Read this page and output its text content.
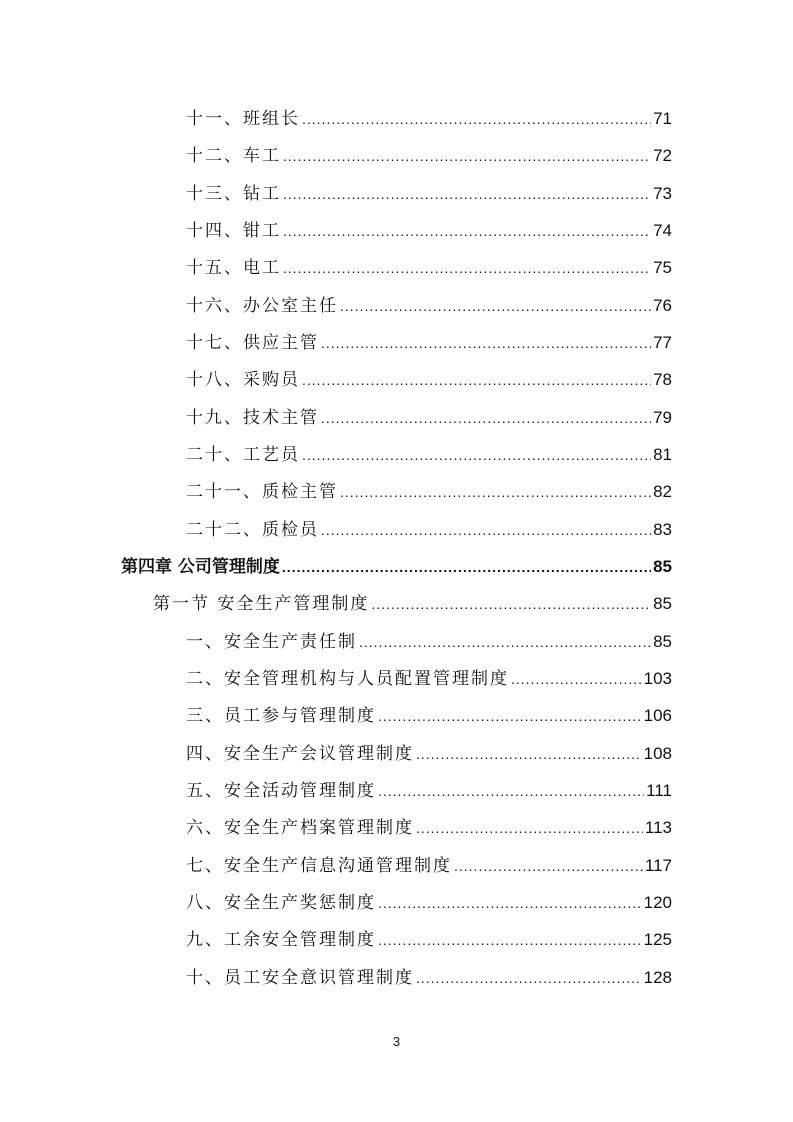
十一、班组长 .....	71
十二、车工 .....	72
十三、钻工 .....	73
十四、钳工 .....	74
十五、电工 .....	75
十六、办公室主任 .....	76
十七、供应主管 .....	77
十八、采购员 .....	78
十九、技术主管 .....	79
二十、工艺员 .....	81
二十一、质检主管 .....	82
二十二、质检员 .....	83
第四章 公司管理制度 .....	85
第一节 安全生产管理制度 .....	85
一、安全生产责任制 .....	85
二、安全管理机构与人员配置管理制度 .....	103
三、员工参与管理制度 .....	106
四、安全生产会议管理制度 .....	108
五、安全活动管理制度 .....	111
六、安全生产档案管理制度 .....	113
七、安全生产信息沟通管理制度 .....	117
八、安全生产奖惩制度 .....	120
九、工余安全管理制度 .....	125
十、员工安全意识管理制度 .....	128
3
